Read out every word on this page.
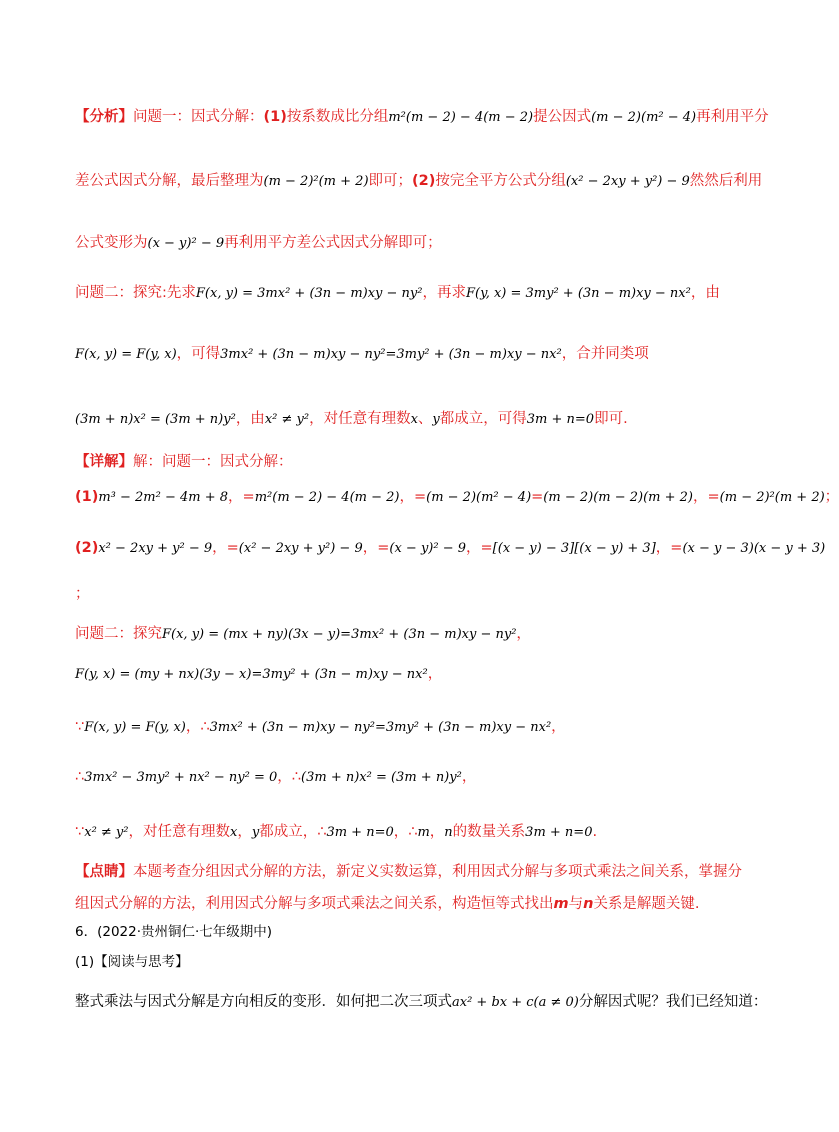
【分析】问题一：因式分解：(1)按系数成比分组m²(m − 2) − 4(m − 2)提公因式(m − 2)(m² − 4)再利用平分
差公式因式分解，最后整理为(m − 2)²(m + 2)即可；(2)按完全平方公式分组(x² − 2xy + y²) − 9然然后利用
公式变形为(x − y)² − 9再利用平方差公式因式分解即可；
问题二：探究:先求F(x, y) = 3mx² + (3n − m)xy − ny²，再求F(y, x) = 3my² + (3n − m)xy − nx²，由
F(x, y) = F(y, x)，可得3mx² + (3n − m)xy − ny²=3my² + (3n − m)xy − nx²，合并同类项
(3m + n)x² = (3m + n)y²，由x² ≠ y²，对任意有理数x、y都成立，可得3m + n=0即可.
【详解】解：问题一：因式分解：
(1)m³ − 2m² − 4m + 8，=m²(m − 2) − 4(m − 2)，=(m − 2)(m² − 4)=(m − 2)(m − 2)(m + 2)，=(m − 2)²(m + 2)；
(2)x² − 2xy + y² − 9，=(x² − 2xy + y²) − 9，=(x − y)² − 9，=[(x − y) − 3][(x − y) + 3]，=(x − y − 3)(x − y + 3)
；
问题二：探究F(x, y) = (mx + ny)(3x − y)=3mx² + (3n − m)xy − ny²，
F(y, x) = (my + nx)(3y − x)=3my² + (3n − m)xy − nx²，
∵F(x, y) = F(y, x)，∴3mx² + (3n − m)xy − ny²=3my² + (3n − m)xy − nx²，
∴3mx² − 3my² + nx² − ny² = 0，∴(3m + n)x² = (3m + n)y²，
∵x² ≠ y²，对任意有理数x，y都成立，∴3m + n=0，∴m，n的数量关系3m + n=0.
【点睛】本题考查分组因式分解的方法，新定义实数运算，利用因式分解与多项式乘法之间关系，掌握分
组因式分解的方法，利用因式分解与多项式乘法之间关系，构造恒等式找出m与n关系是解题关键.
6．(2022·贵州铜仁·七年级期中)
(1)【阅读与思考】
整式乘法与因式分解是方向相反的变形．如何把二次三项式ax² + bx + c(a ≠ 0)分解因式呢？我们已经知道：
